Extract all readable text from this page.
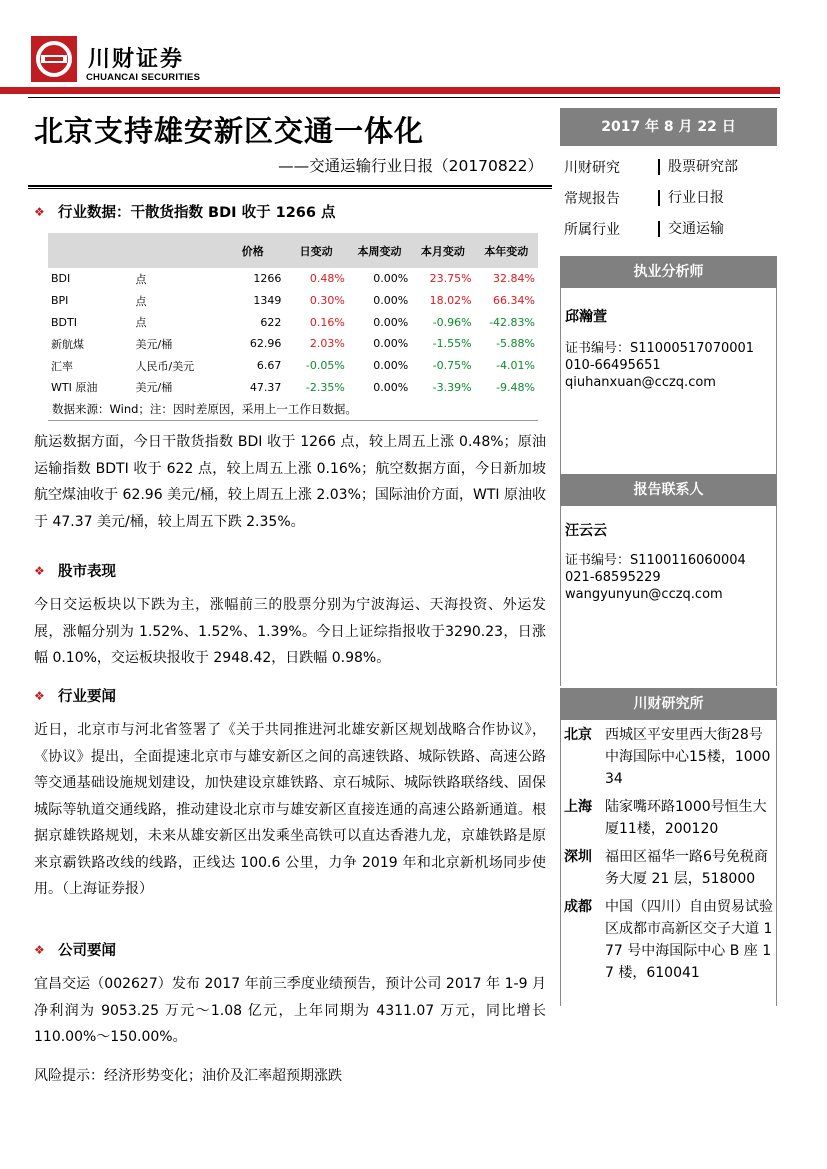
川财证券
CHUANCAI SECURITIES
北京支持雄安新区交通一体化
——交通运输行业日报（20170822）
2017 年 8 月 22 日
川财研究	股票研究部
常规报告	行业日报
所属行业	交通运输
执业分析师
邱瀚萱
证书编号：S1100051707000​1
010-66495651
qiuhanxuan@cczq.com
报告联系人
汪云云
证书编号：S1100116060004
021-68595229
wangyunyun@cczq.com
川财研究所
北京 西城区平安里西大街28号中海国际中心15楼，100034
上海 陆家嘴环路1000号恒生大厦11楼，200120
深圳 福田区福华一路6号免税商务大厦 21 层，518000
成都 中国（四川）自由贸易试验区成都市高新区交子大道 177 号中海国际中心 B 座 17 楼，610041
❖ 行业数据：干散货指数 BDI 收于 1266 点
		价格	日变动	本周变动	本月变动	本年变动
BDI	点	1266	0.48%	0.00%	23.75%	32.84%
BPI	点	1349	0.30%	0.00%	18.02%	66.34%
BDTI	点	622	0.16%	0.00%	-0.96%	-42.83%
新航煤	美元/桶	62.96	2.03%	0.00%	-1.55%	-5.88%
汇率	人民币/美元	6.67	-0.05%	0.00%	-0.75%	-4.01%
WTI 原油	美元/桶	47.37	-2.35%	0.00%	-3.39%	-9.48%
数据来源：Wind；注：因时差原因，采用上一工作日数据。
航运数据方面，今日干散货指数 BDI 收于 1266 点，较上周五上涨 0.48%；原油运输指数 BDTI 收于 622 点，较上周五上涨 0.16%；航空数据方面，今日新加坡航空煤油收于 62.96 美元/桶，较上周五上涨 2.03%；国际油价方面，WTI 原油收于 47.37 美元/桶，较上周五下跌 2.35%。
❖ 股市表现
今日交运板块以下跌为主，涨幅前三的股票分别为宁波海运、天海投资、外运发展，涨幅分别为 1.52%、1.52%、1.39%。今日上证综指报收于3290.23，日涨幅 0.10%，交运板块报收于 2948.42，日跌幅 0.98%。
❖ 行业要闻
近日，北京市与河北省签署了《关于共同推进河北雄安新区规划战略合作协议》，《协议》提出，全面提速北京市与雄安新区之间的高速铁路、城际铁路、高速公路等交通基础设施规划建设，加快建设京雄铁路、京石城际、城际铁路联络线、固保城际等轨道交通线路，推动建设北京市与雄安新区直接连通的高速公路新通道。根据京雄铁路规划，未来从雄安新区出发乘坐高铁可以直达香港九龙，京雄铁路是原来京霸铁路改线的线路，正线达 100.6 公里，力争 2019 年和北京新机场同步使用。（上海证券报）
❖ 公司要闻
宜昌交运（002627）发布 2017 年前三季度业绩预告，预计公司 2017 年 1-9 月净利润为 9053.25 万元～1.08 亿元，上年同期为 4311.07 万元，同比增长 110.00%～150.00%。
风险提示：经济形势变化；油价及汇率超预期涨跌
